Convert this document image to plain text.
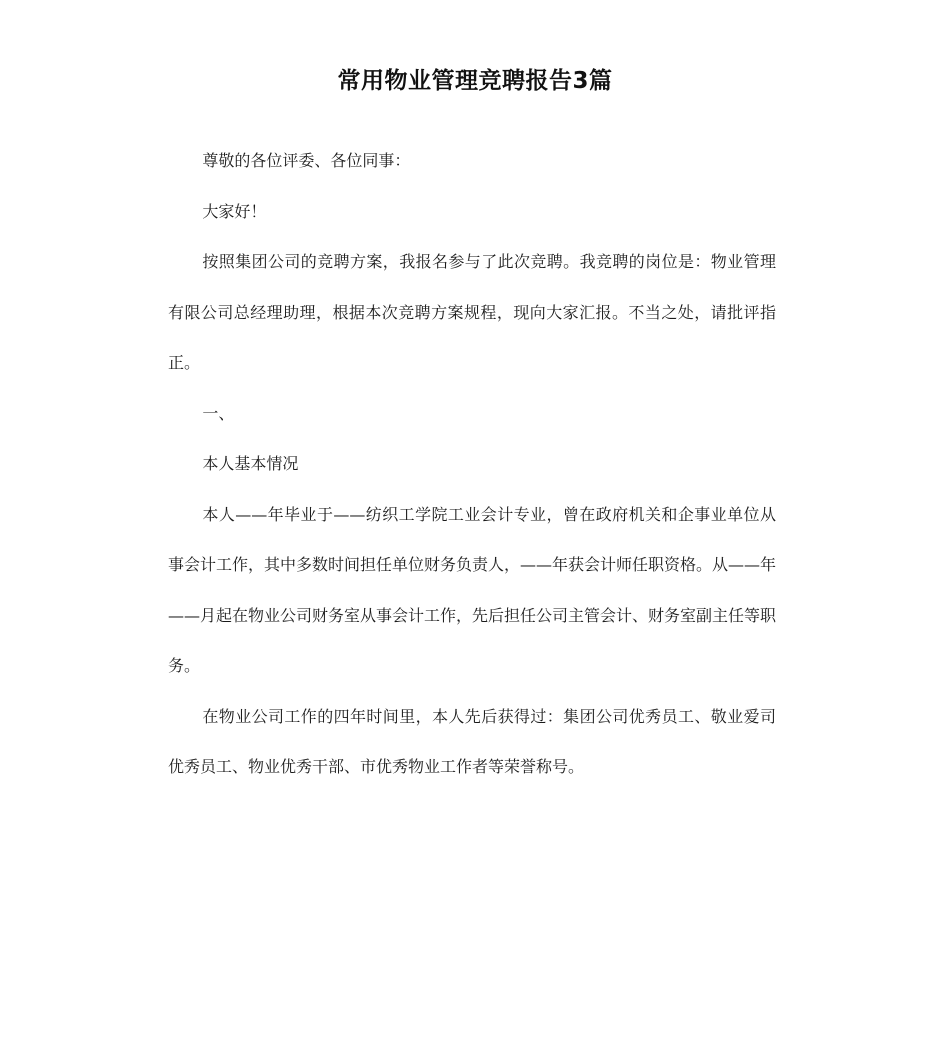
常用物业管理竞聘报告3篇

尊敬的各位评委、各位同事：

大家好！

按照集团公司的竞聘方案，我报名参与了此次竞聘。我竞聘的岗位是：物业管理有限公司总经理助理，根据本次竞聘方案规程，现向大家汇报。不当之处，请批评指正。

一、

本人基本情况

本人——年毕业于——纺织工学院工业会计专业，曾在政府机关和企事业单位从事会计工作，其中多数时间担任单位财务负责人，——年获会计师任职资格。从——年——月起在物业公司财务室从事会计工作，先后担任公司主管会计、财务室副主任等职务。

在物业公司工作的四年时间里，本人先后获得过：集团公司优秀员工、敬业爱司优秀员工、物业优秀干部、市优秀物业工作者等荣誉称号。
